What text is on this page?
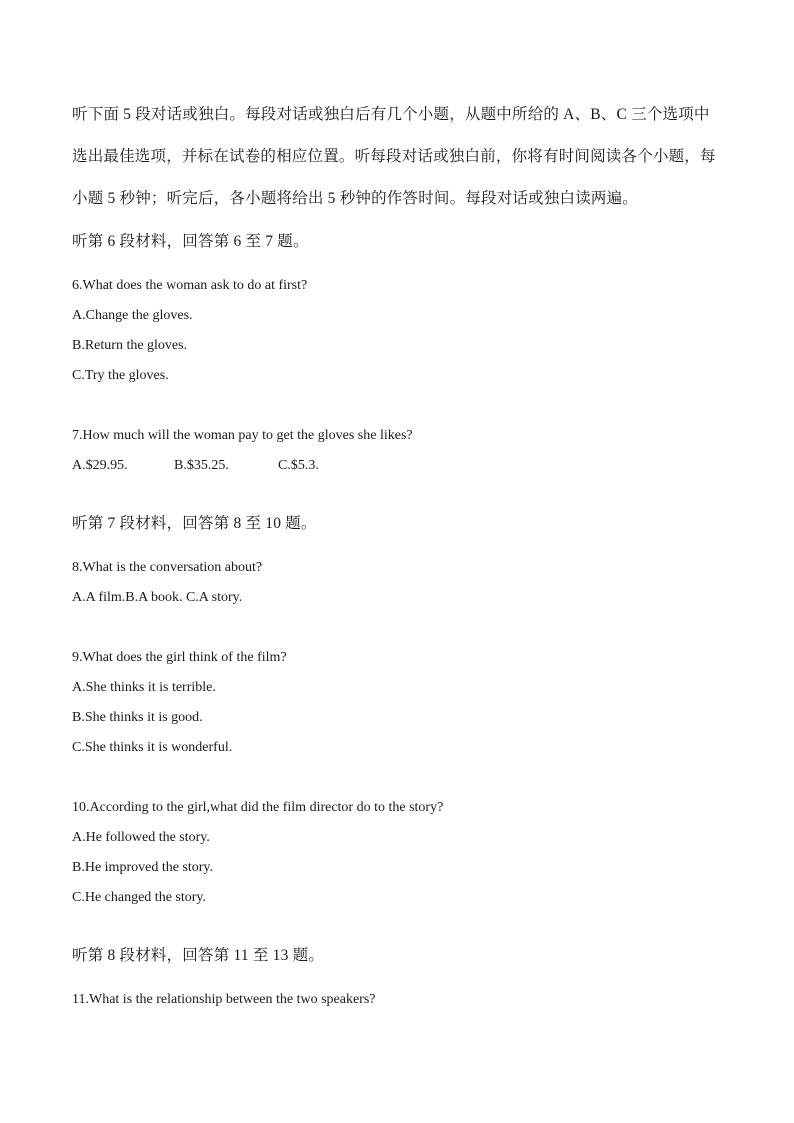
听下面 5 段对话或独白。每段对话或独白后有几个小题，从题中所给的 A、B、C 三个选项中
选出最佳选项，并标在试卷的相应位置。听每段对话或独白前，你将有时间阅读各个小题，每
小题 5 秒钟；听完后，各小题将给出 5 秒钟的作答时间。每段对话或独白读两遍。
听第 6 段材料，回答第 6 至 7 题。
6.What does the woman ask to do at first?
A.Change the gloves.
B.Return the gloves.
C.Try the gloves.
7.How much will the woman pay to get the gloves she likes?
A.$29.95.	B.$35.25.	C.$5.3.
听第 7 段材料，回答第 8 至 10 题。
8.What is the conversation about?
A.A film.B.A book. C.A story.
9.What does the girl think of the film?
A.She thinks it is terrible.
B.She thinks it is good.
C.She thinks it is wonderful.
10.According to the girl,what did the film director do to the story?
A.He followed the story.
B.He improved the story.
C.He changed the story.
听第 8 段材料，回答第 11 至 13 题。
11.What is the relationship between the two speakers?
